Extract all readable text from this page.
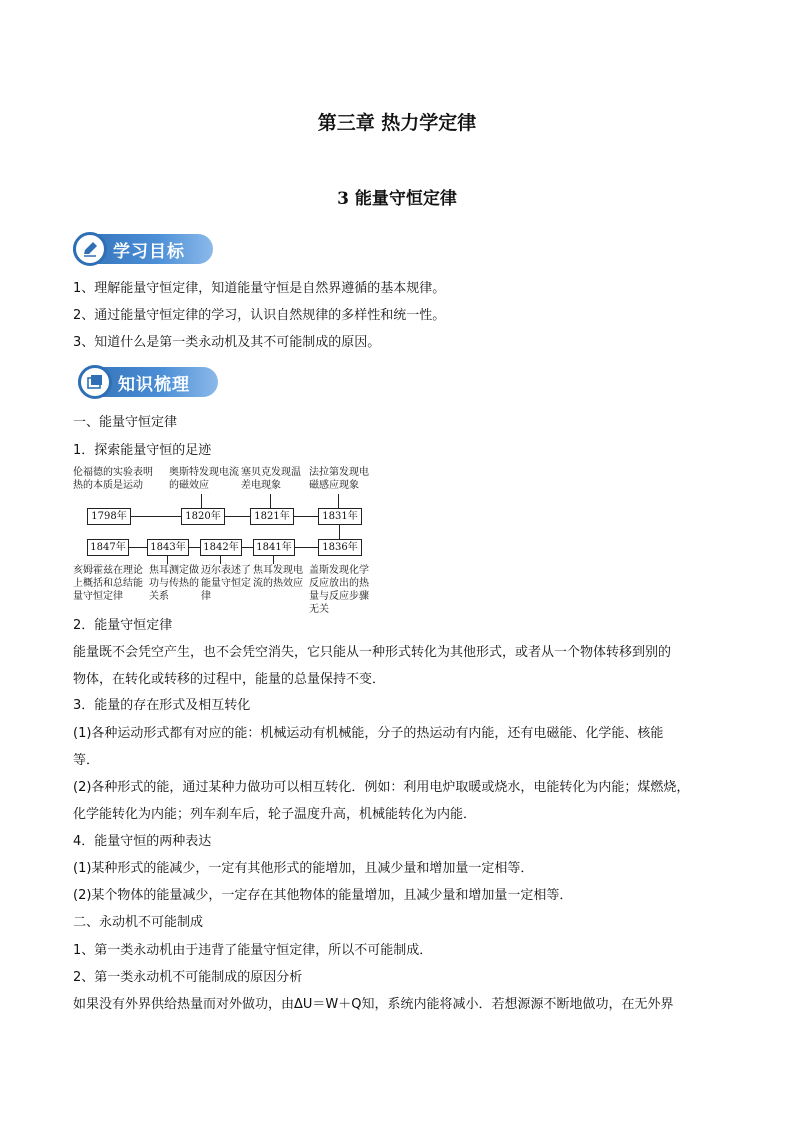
第三章 热力学定律
3 能量守恒定律
学习目标
1、理解能量守恒定律，知道能量守恒是自然界遵循的基本规律。
2、通过能量守恒定律的学习，认识自然规律的多样性和统一性。
3、知道什么是第一类永动机及其不可能制成的原因。
知识梳理
一、能量守恒定律
1．探索能量守恒的足迹
伦福德的实验表明热的本质是运动
奥斯特发现电流的磁效应
塞贝克发现温差电现象
法拉第发现电磁感应现象
1798年	1820年	1821年	1831年
1847年	1843年	1842年	1841年	1836年
亥姆霍兹在理论上概括和总结能量守恒定律
焦耳测定做功与传热的关系
迈尔表述了能量守恒定律
焦耳发现电流的热效应
盖斯发现化学反应放出的热量与反应步骤无关
2．能量守恒定律
能量既不会凭空产生，也不会凭空消失，它只能从一种形式转化为其他形式，或者从一个物体转移到别的
物体，在转化或转移的过程中，能量的总量保持不变．
3．能量的存在形式及相互转化
(1)各种运动形式都有对应的能：机械运动有机械能，分子的热运动有内能，还有电磁能、化学能、核能
等．
(2)各种形式的能，通过某种力做功可以相互转化．例如：利用电炉取暖或烧水，电能转化为内能；煤燃烧，
化学能转化为内能；列车刹车后，轮子温度升高，机械能转化为内能．
4．能量守恒的两种表达
(1)某种形式的能减少，一定有其他形式的能增加，且减少量和增加量一定相等．
(2)某个物体的能量减少，一定存在其他物体的能量增加，且减少量和增加量一定相等．
二、永动机不可能制成
1、第一类永动机由于违背了能量守恒定律，所以不可能制成．
2、第一类永动机不可能制成的原因分析
如果没有外界供给热量而对外做功，由ΔU＝W＋Q知，系统内能将减小．若想源源不断地做功，在无外界
